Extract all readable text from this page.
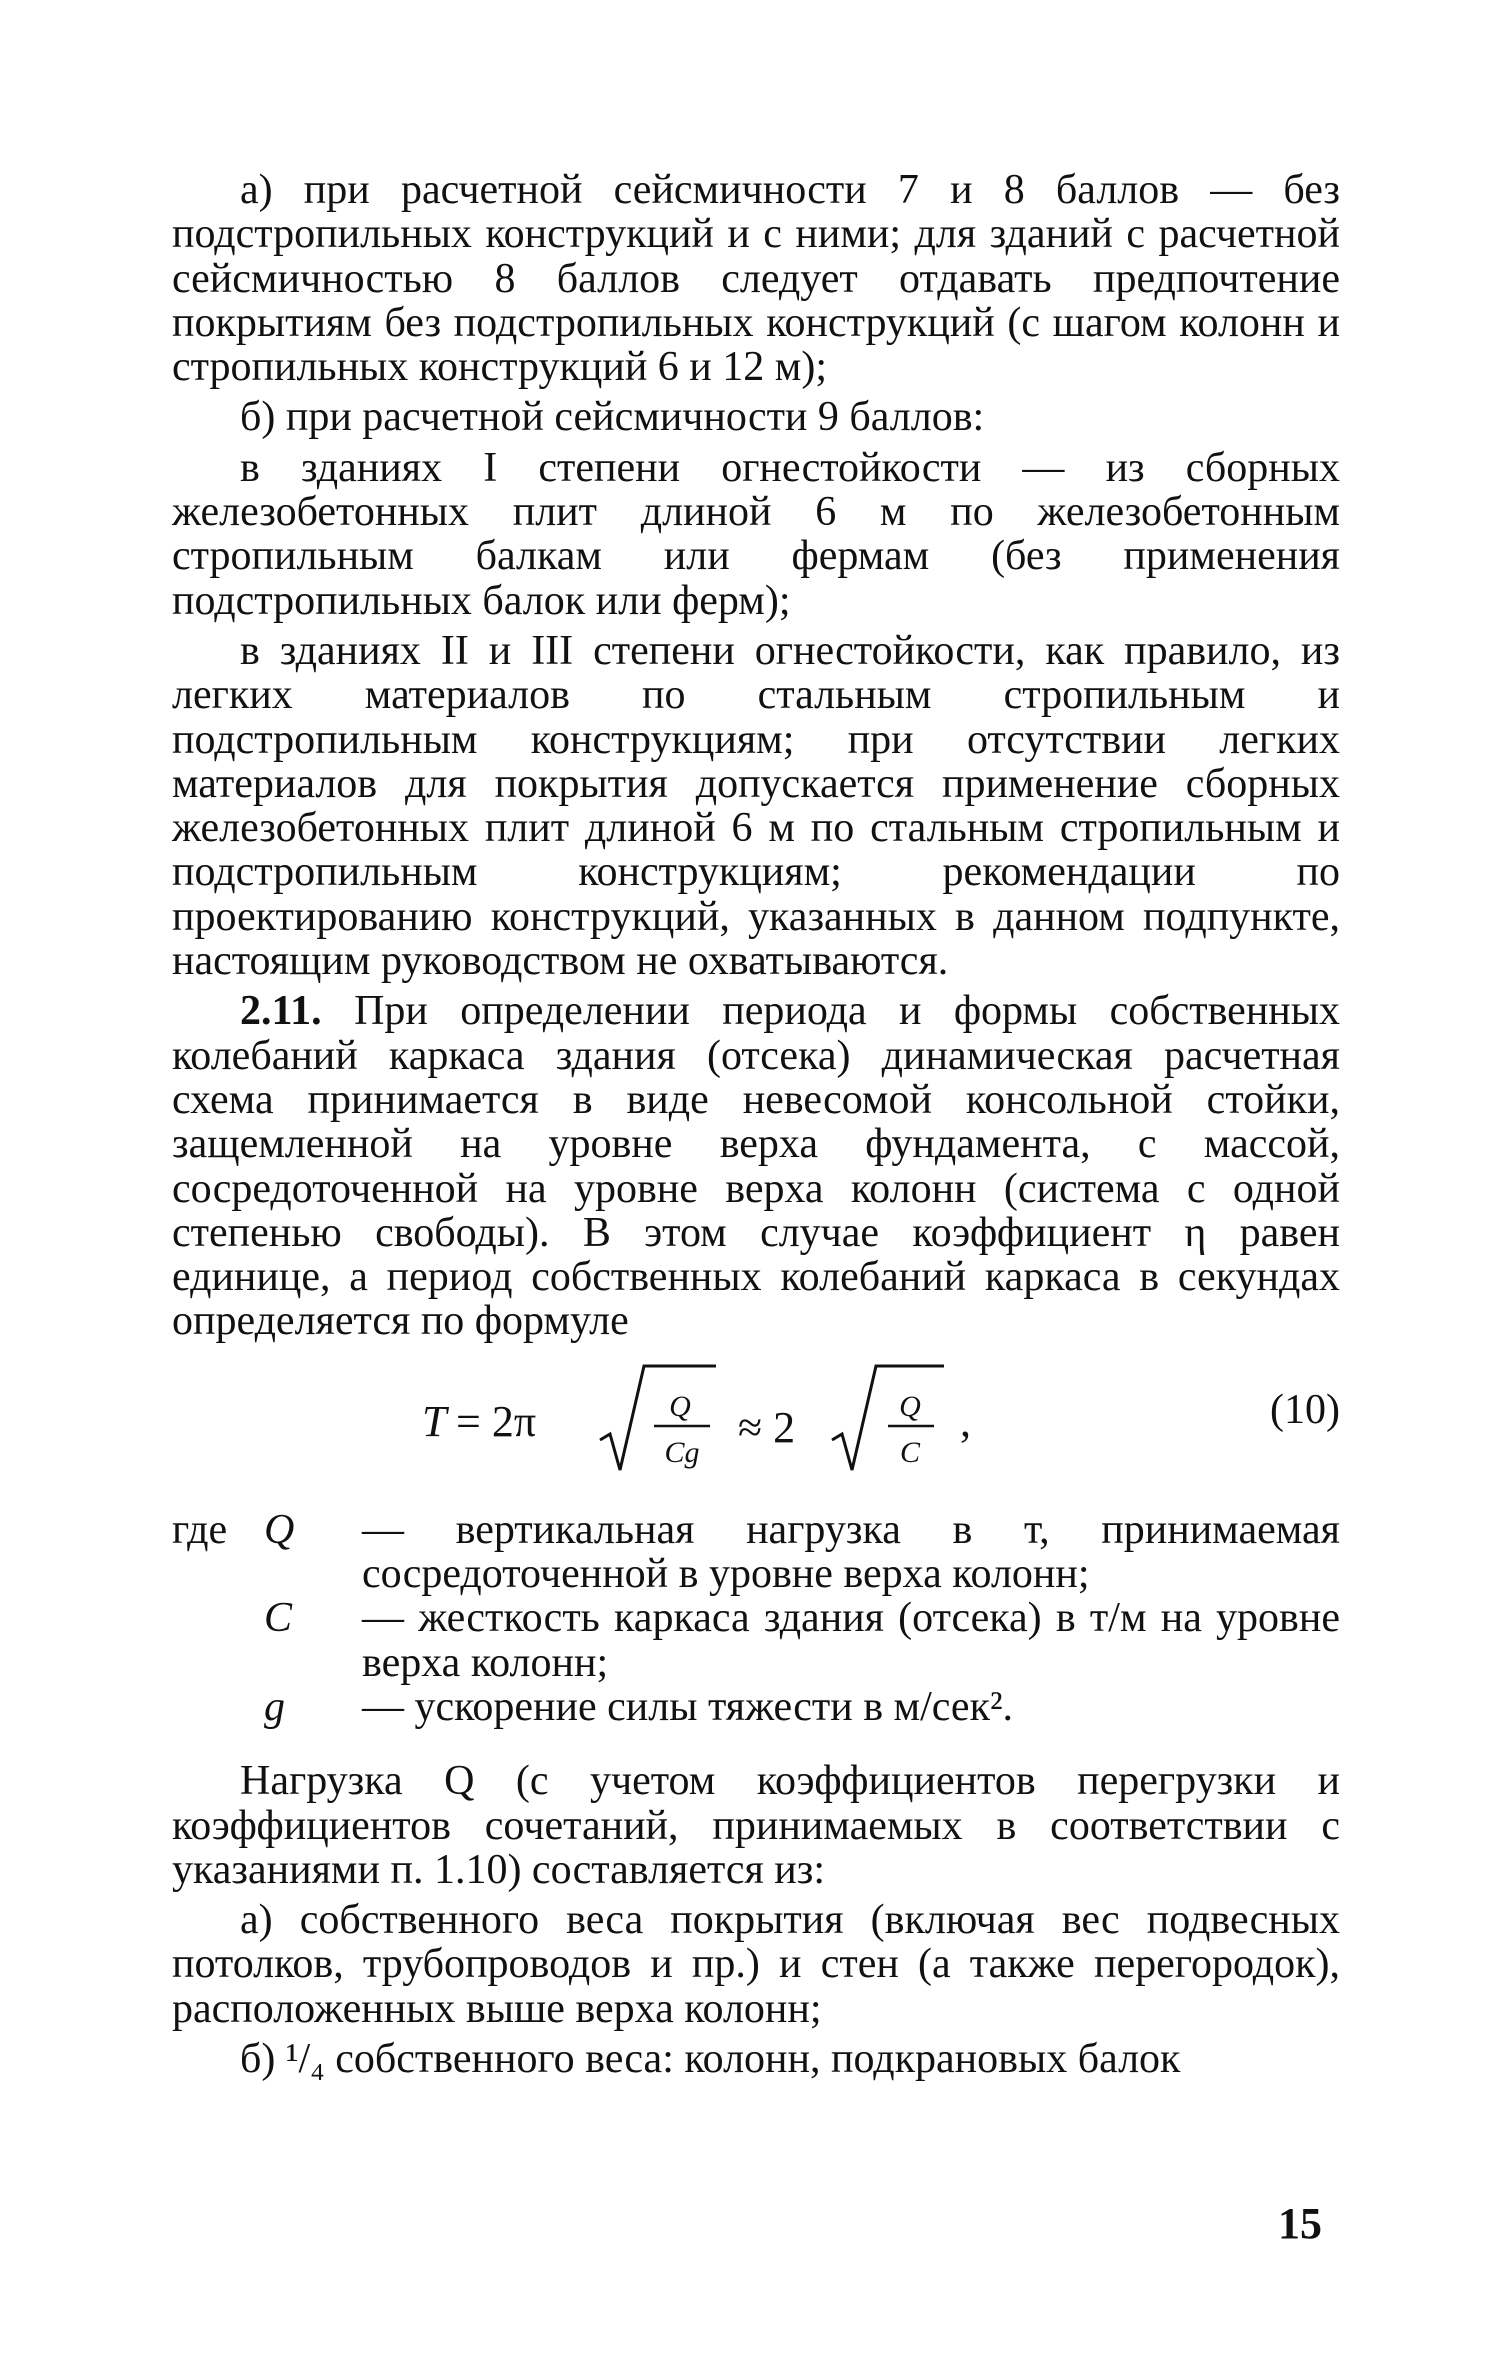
а) при расчетной сейсмичности 7 и 8 баллов — без подстропильных конструкций и с ними; для зданий с расчетной сейсмичностью 8 баллов следует отдавать предпочтение покрытиям без подстропильных конструкций (с шагом колонн и стропильных конструкций 6 и 12 м);

б) при расчетной сейсмичности 9 баллов:

в зданиях I степени огнестойкости — из сборных железобетонных плит длиной 6 м по железобетонным стропильным балкам или фермам (без применения подстропильных балок или ферм);

в зданиях II и III степени огнестойкости, как правило, из легких материалов по стальным стропильным и подстропильным конструкциям; при отсутствии легких материалов для покрытия допускается применение сборных железобетонных плит длиной 6 м по стальным стропильным и подстропильным конструкциям; рекомендации по проектированию конструкций, указанных в данном подпункте, настоящим руководством не охватываются.

2.11. При определении периода и формы собственных колебаний каркаса здания (отсека) динамическая расчетная схема принимается в виде невесомой консольной стойки, защемленной на уровне верха фундамента, с массой, сосредоточенной на уровне верха колонн (система с одной степенью свободы). В этом случае коэффициент η равен единице, а период собственных колебаний каркаса в секундах определяется по формуле

T = 2π	Q
Cg
≈ 2	Q
C
,	(10)
где Q — вертикальная нагрузка в т, принимаемая сосредоточенной в уровне верха колонн;
C — жесткость каркаса здания (отсека) в т/м на уровне верха колонн;
g — ускорение силы тяжести в м/сек².

Нагрузка Q (с учетом коэффициентов перегрузки и коэффициентов сочетаний, принимаемых в соответствии с указаниями п. 1.10) составляется из:

а) собственного веса покрытия (включая вес подвесных потолков, трубопроводов и пр.) и стен (а также перегородок), расположенных выше верха колонн;

б) ¹/₄ собственного веса: колонн, подкрановых балок

15
